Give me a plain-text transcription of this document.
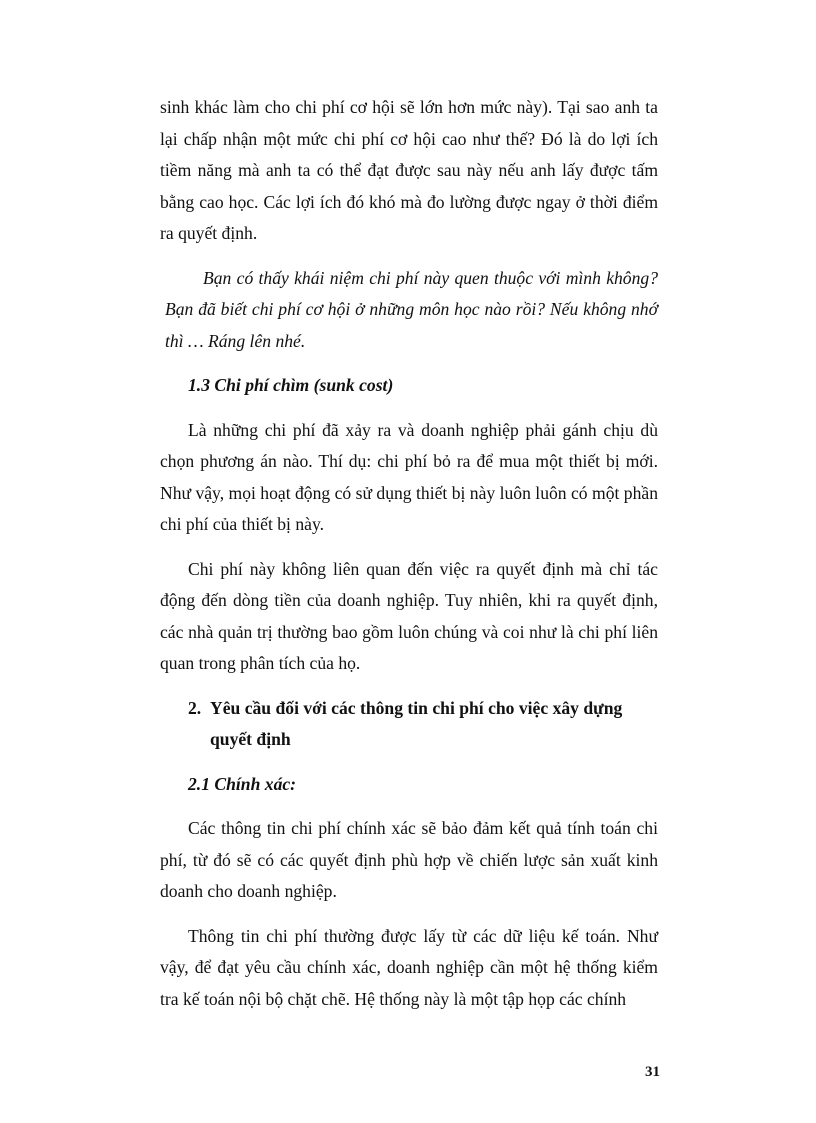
sinh khác làm cho chi phí cơ hội sẽ lớn hơn mức này). Tại sao anh ta lại chấp nhận một mức chi phí cơ hội cao như thế? Đó là do lợi ích tiềm năng mà anh ta có thể đạt được sau này nếu anh lấy được tấm bằng cao học. Các lợi ích đó khó mà đo lường được ngay ở thời điểm ra quyết định.

Bạn có thấy khái niệm chi phí này quen thuộc với mình không? Bạn đã biết chi phí cơ hội ở những môn học nào rồi? Nếu không nhớ thì … Ráng lên nhé.

1.3 Chi phí chìm (sunk cost)

Là những chi phí đã xảy ra và doanh nghiệp phải gánh chịu dù chọn phương án nào. Thí dụ: chi phí bỏ ra để mua một thiết bị mới. Như vậy, mọi hoạt động có sử dụng thiết bị này luôn luôn có một phần chi phí của thiết bị này.

Chi phí này không liên quan đến việc ra quyết định mà chỉ tác động đến dòng tiền của doanh nghiệp. Tuy nhiên, khi ra quyết định, các nhà quản trị thường bao gồm luôn chúng và coi như là chi phí liên quan trong phân tích của họ.

2. Yêu cầu đối với các thông tin chi phí cho việc xây dựng
quyết định

2.1 Chính xác:

Các thông tin chi phí chính xác sẽ bảo đảm kết quả tính toán chi phí, từ đó sẽ có các quyết định phù hợp về chiến lược sản xuất kinh doanh cho doanh nghiệp.

Thông tin chi phí thường được lấy từ các dữ liệu kế toán. Như vậy, để đạt yêu cầu chính xác, doanh nghiệp cần một hệ thống kiểm tra kế toán nội bộ chặt chẽ. Hệ thống này là một tập họp các chính

31
